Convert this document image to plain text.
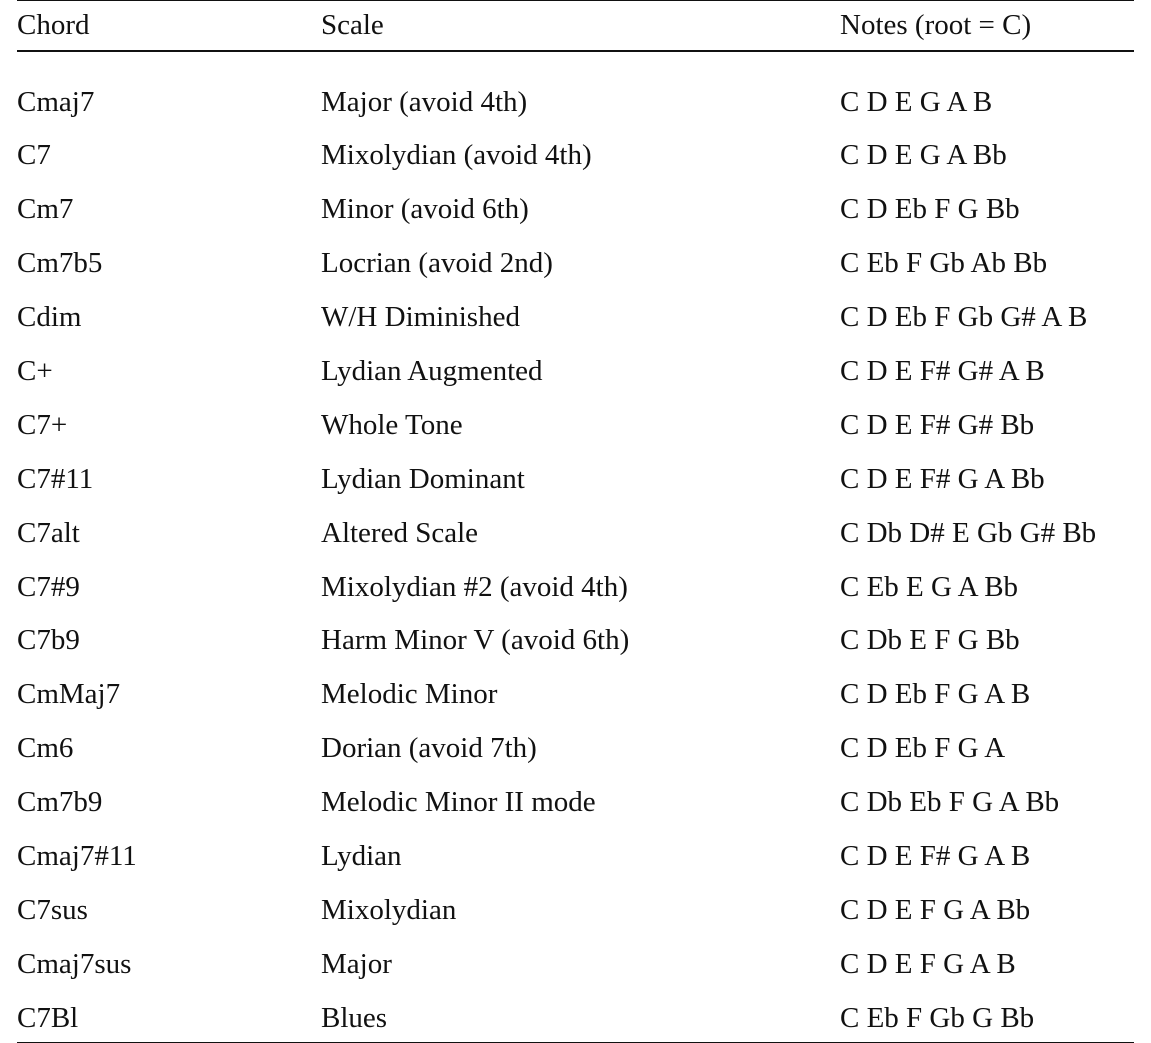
Chord	Scale	Notes (root = C)
Cmaj7	Major (avoid 4th)	C D E G A B
C7	Mixolydian (avoid 4th)	C D E G A Bb
Cm7	Minor (avoid 6th)	C D Eb F G Bb
Cm7b5	Locrian (avoid 2nd)	C Eb F Gb Ab Bb
Cdim	W/H Diminished	C D Eb F Gb G# A B
C+	Lydian Augmented	C D E F# G# A B
C7+	Whole Tone	C D E F# G# Bb
C7#11	Lydian Dominant	C D E F# G A Bb
C7alt	Altered Scale	C Db D# E Gb G# Bb
C7#9	Mixolydian #2 (avoid 4th)	C Eb E G A Bb
C7b9	Harm Minor V (avoid 6th)	C Db E F G Bb
CmMaj7	Melodic Minor	C D Eb F G A B
Cm6	Dorian (avoid 7th)	C D Eb F G A
Cm7b9	Melodic Minor II mode	C Db Eb F G A Bb
Cmaj7#11	Lydian	C D E F# G A B
C7sus	Mixolydian	C D E F G A Bb
Cmaj7sus	Major	C D E F G A B
C7Bl	Blues	C Eb F Gb G Bb
